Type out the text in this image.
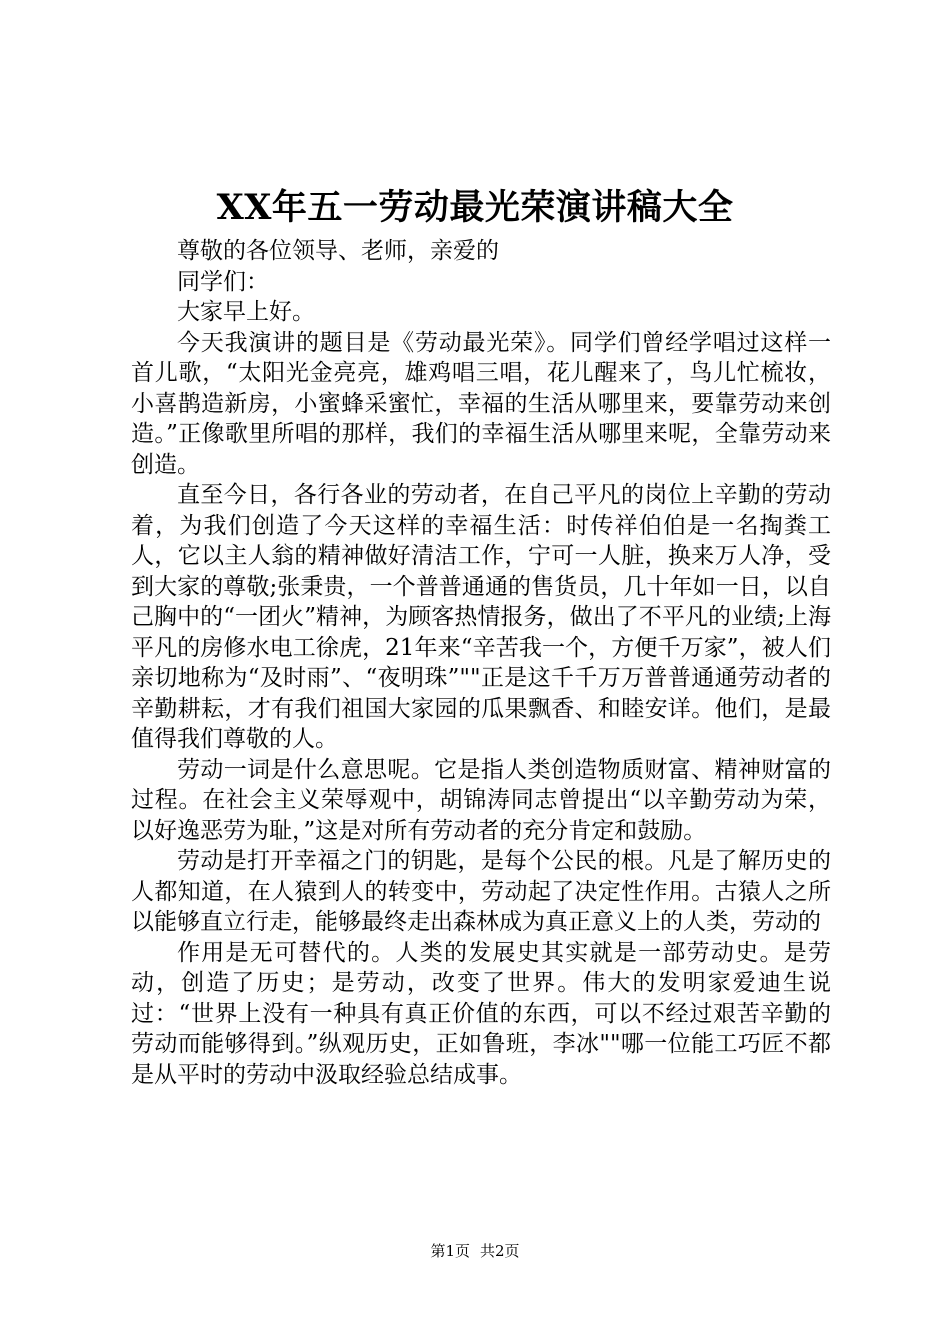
XX年五一劳动最光荣演讲稿大全

尊敬的各位领导、老师，亲爱的

同学们：

大家早上好。

今天我演讲的题目是《劳动最光荣》。同学们曾经学唱过这样一首儿歌，“太阳光金亮亮，雄鸡唱三唱，花儿醒来了，鸟儿忙梳妆，小喜鹊造新房，小蜜蜂采蜜忙，幸福的生活从哪里来，要靠劳动来创造。”正像歌里所唱的那样，我们的幸福生活从哪里来呢，全靠劳动来创造。

直至今日，各行各业的劳动者，在自己平凡的岗位上辛勤的劳动着，为我们创造了今天这样的幸福生活：时传祥伯伯是一名掏粪工人，它以主人翁的精神做好清洁工作，宁可一人脏，换来万人净，受到大家的尊敬;张秉贵，一个普普通通的售货员，几十年如一日，以自己胸中的“一团火”精神，为顾客热情报务，做出了不平凡的业绩;上海平凡的房修水电工徐虎，21年来“辛苦我一个，方便千万家”，被人们亲切地称为“及时雨”、“夜明珠”""正是这千千万万普普通通劳动者的辛勤耕耘，才有我们祖国大家园的瓜果飘香、和睦安详。他们，是最值得我们尊敬的人。

劳动一词是什么意思呢。它是指人类创造物质财富、精神财富的过程。在社会主义荣辱观中，胡锦涛同志曾提出“以辛勤劳动为荣，以好逸恶劳为耻，”这是对所有劳动者的充分肯定和鼓励。

劳动是打开幸福之门的钥匙，是每个公民的根。凡是了解历史的人都知道，在人猿到人的转变中，劳动起了决定性作用。古猿人之所以能够直立行走，能够最终走出森林成为真正意义上的人类，劳动的

作用是无可替代的。人类的发展史其实就是一部劳动史。是劳动，创造了历史；是劳动，改变了世界。伟大的发明家爱迪生说过：“世界上没有一种具有真正价值的东西，可以不经过艰苦辛勤的劳动而能够得到。”纵观历史，正如鲁班，李冰""哪一位能工巧匠不都是从平时的劳动中汲取经验总结成事。

第1页 共2页
